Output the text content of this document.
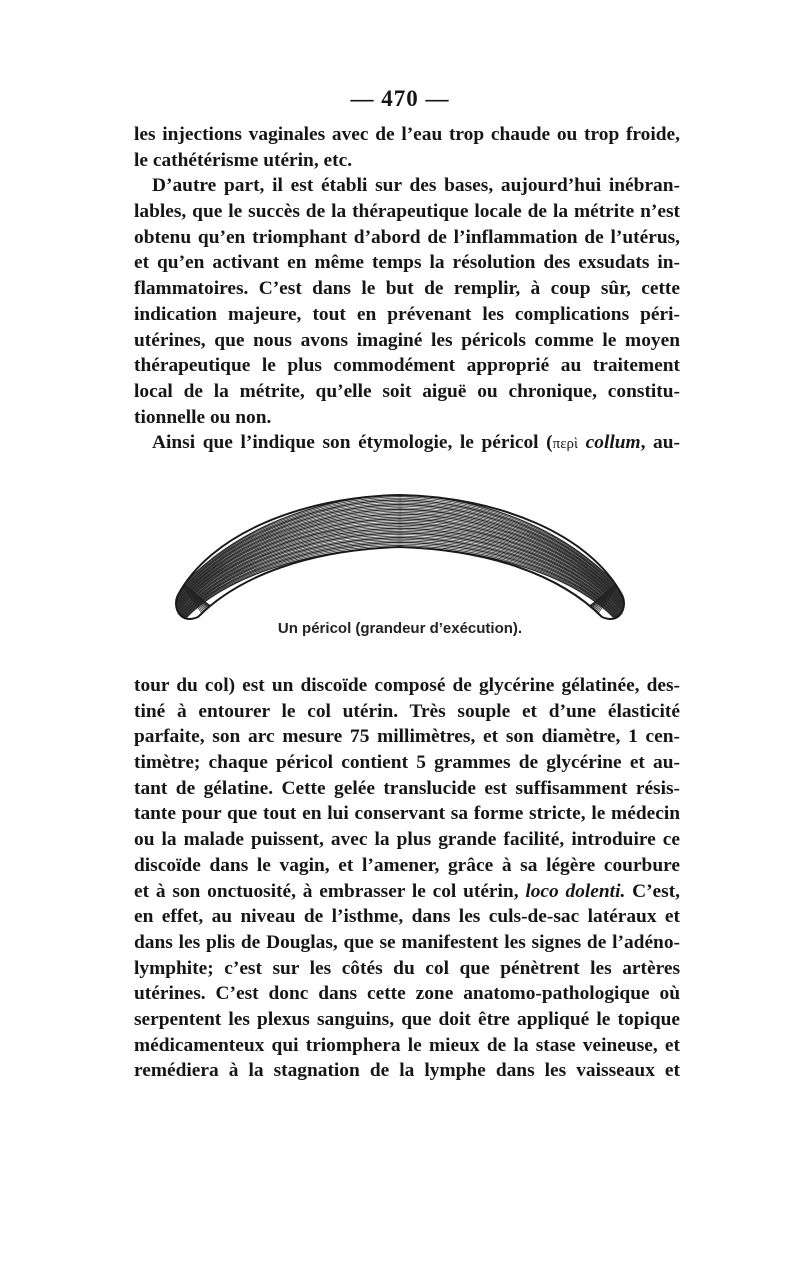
— 470 —
les injections vaginales avec de l’eau trop chaude ou trop froide,
le cathétérisme utérin, etc.
D’autre part, il est établi sur des bases, aujourd’hui inébran-
lables, que le succès de la thérapeutique locale de la métrite n’est
obtenu qu’en triomphant d’abord de l’inflammation de l’utérus,
et qu’en activant en même temps la résolution des exsudats in-
flammatoires. C’est dans le but de remplir, à coup sûr, cette
indication majeure, tout en prévenant les complications péri-
utérines, que nous avons imaginé les péricols comme le moyen
thérapeutique le plus commodément approprié au traitement
local de la métrite, qu’elle soit aiguë ou chronique, constitu-
tionnelle ou non.
Ainsi que l’indique son étymologie, le péricol (περὶ collum, au-
Un péricol (grandeur d’exécution).
tour du col) est un discoïde composé de glycérine gélatinée, des-
tiné à entourer le col utérin. Très souple et d’une élasticité
parfaite, son arc mesure 75 millimètres, et son diamètre, 1 cen-
timètre; chaque péricol contient 5 grammes de glycérine et au-
tant de gélatine. Cette gelée translucide est suffisamment résis-
tante pour que tout en lui conservant sa forme stricte, le médecin
ou la malade puissent, avec la plus grande facilité, introduire ce
discoïde dans le vagin, et l’amener, grâce à sa légère courbure
et à son onctuosité, à embrasser le col utérin, loco dolenti. C’est,
en effet, au niveau de l’isthme, dans les culs-de-sac latéraux et
dans les plis de Douglas, que se manifestent les signes de l’adéno-
lymphite; c’est sur les côtés du col que pénètrent les artères
utérines. C’est donc dans cette zone anatomo-pathologique où
serpentent les plexus sanguins, que doit être appliqué le topique
médicamenteux qui triomphera le mieux de la stase veineuse, et
remédiera à la stagnation de la lymphe dans les vaisseaux et
